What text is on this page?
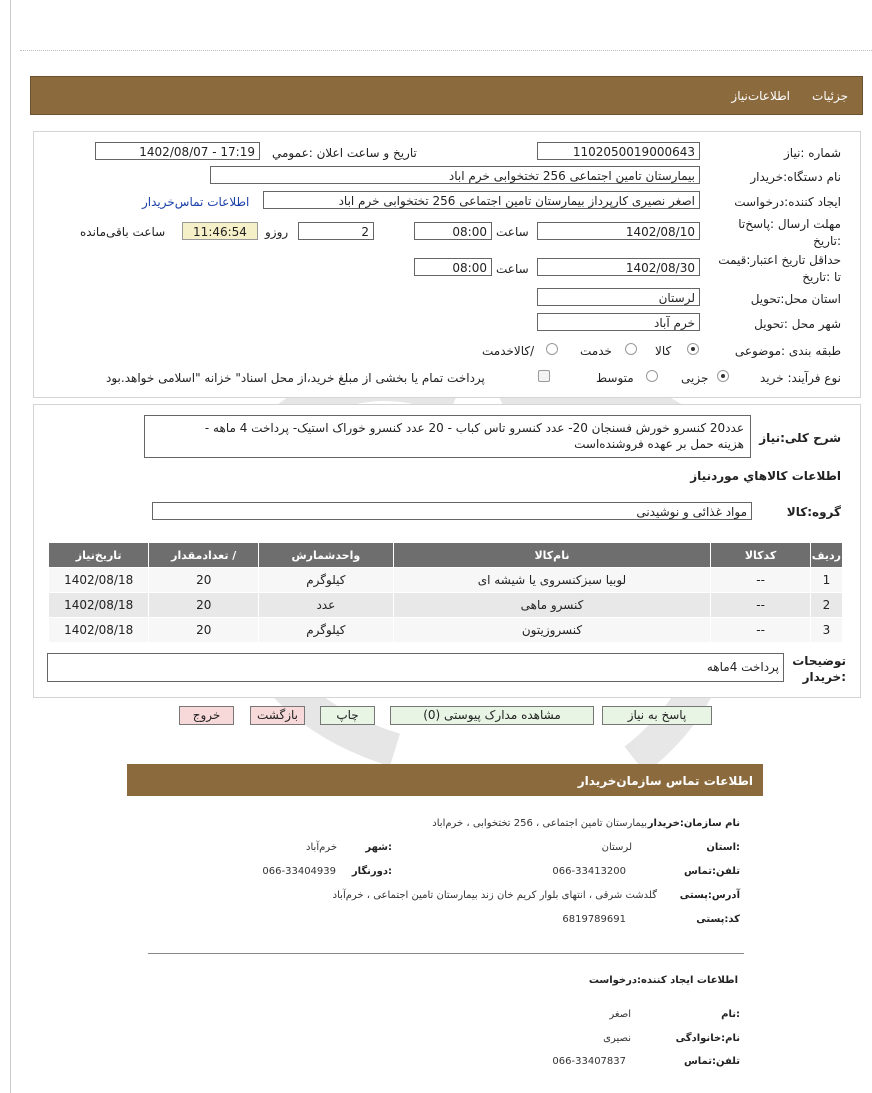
جزئیات
اطلاعات‌نیاز
شماره :نیاز
1102050019000643
تاریخ و ساعت اعلان :عمومي
1402/08/07 - 17:19
نام دستگاه:خریدار
بیمارستان تامین اجتماعی 256 تختخوابی خرم اباد
ایجاد کننده:درخواست
اصغر نصیری کارپرداز بیمارستان تامین اجتماعی 256 تختخوابی خرم اباد
اطلاعات تماس‌خریدار
مهلت ارسال :پاسخ‌تا
:تاریخ
1402/08/10
ساعت
08:00
2
روزو
11:46:54
ساعت باقی‌مانده
حداقل تاریخ اعتبار:قیمت
تا :تاریخ
1402/08/30
ساعت
08:00
استان محل:تحویل
لرستان
شهر محل :تحویل
خرم آباد
طبقه بندی :موضوعی
کالا
خدمت
/کالاخدمت
نوع فرآیند: خرید
جزیی
متوسط
پرداخت تمام یا بخشی از مبلغ خرید،از محل اسناد" خزانه "اسلامی خواهد.بود
شرح کلی:نیاز
عدد20 کنسرو خورش فسنجان 20- عدد کنسرو تاس کباب - 20 عدد کنسرو خوراک استیک- پرداخت 4 ماهه -
هزینه حمل بر عهده فروشنده‌است
اطلاعات کالاهاي موردنیاز
گروه:کالا
مواد غذائی و نوشیدنی
ردیف	کدکالا	نام‌کالا	واحدشمارش	/ تعدادمقدار	تاریخ‌نیاز
1	--	لوبیا سبزکنسروی یا شیشه ای	کیلوگرم	20	1402/08/18
2	--	کنسرو ماهی	عدد	20	1402/08/18
3	--	کنسروزیتون	کیلوگرم	20	1402/08/18
توضیحات
:خریدار
پرداخت 4ماهه
پاسخ به نیاز
مشاهده مدارک پیوستی (0)
چاپ
بازگشت
خروج
اطلاعات تماس سازمان‌خریدار
نام سازمان:خریدار
بیمارستان تامین اجتماعی ، 256 تختخوابی ، خرم‌اباد
:استان
لرستان
:شهر
خرم‌آباد
تلفن:تماس
066-33413200
:دورنگار
066-33404939
آدرس:پستی
گلدشت شرقی ، انتهای بلوار کریم خان زند بیمارستان تامین اجتماعی ، خرم‌آباد
کد:پستی
6819789691
اطلاعات ایجاد کننده:درخواست
:نام
اصغر
نام:خانوادگی
نصیری
تلفن:تماس
066-33407837
